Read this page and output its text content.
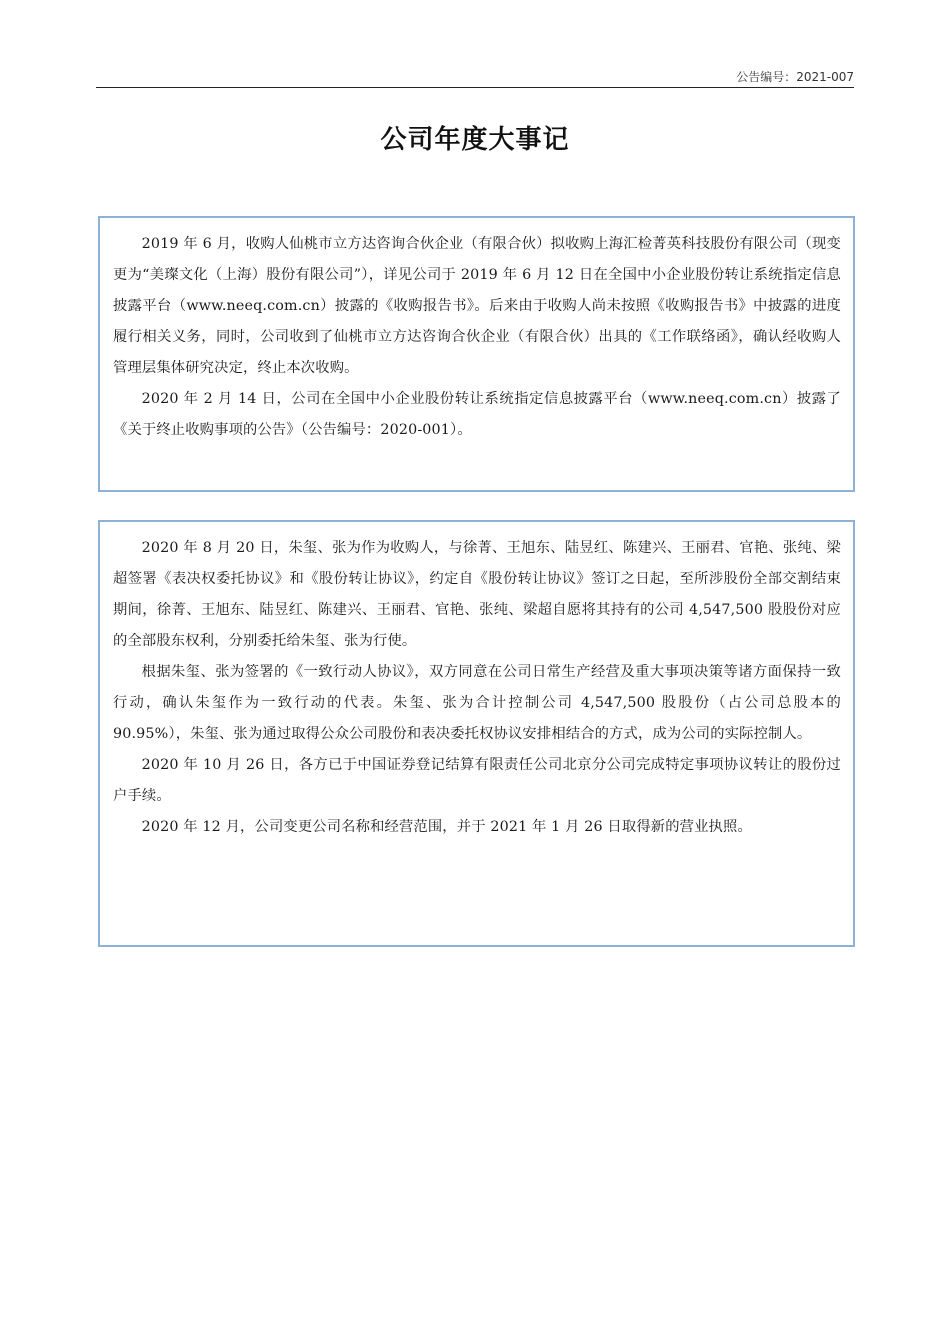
公告编号：2021-007
公司年度大事记

2019 年 6 月，收购人仙桃市立方达咨询合伙企业（有限合伙）拟收购上海汇检菁英科技股份有限公司（现变更为“美璨文化（上海）股份有限公司”），详见公司于 2019 年 6 月 12 日在全国中小企业股份转让系统指定信息披露平台（www.neeq.com.cn）披露的《收购报告书》。后来由于收购人尚未按照《收购报告书》中披露的进度履行相关义务，同时，公司收到了仙桃市立方达咨询合伙企业（有限合伙）出具的《工作联络函》，确认经收购人管理层集体研究决定，终止本次收购。

2020 年 2 月 14 日，公司在全国中小企业股份转让系统指定信息披露平台（www.neeq.com.cn）披露了《关于终止收购事项的公告》（公告编号：2020-001）。

2020 年 8 月 20 日，朱玺、张为作为收购人，与徐菁、王旭东、陆昱红、陈建兴、王丽君、官艳、张纯、梁超签署《表决权委托协议》和《股份转让协议》，约定自《股份转让协议》签订之日起，至所涉股份全部交割结束期间，徐菁、王旭东、陆昱红、陈建兴、王丽君、官艳、张纯、梁超自愿将其持有的公司 4,547,500 股股份对应的全部股东权利，分别委托给朱玺、张为行使。

根据朱玺、张为签署的《一致行动人协议》，双方同意在公司日常生产经营及重大事项决策等诸方面保持一致行动，确认朱玺作为一致行动的代表。朱玺、张为合计控制公司 4,547,500 股股份（占公司总股本的 90.95%），朱玺、张为通过取得公众公司股份和表决委托权协议安排相结合的方式，成为公司的实际控制人。

2020 年 10 月 26 日，各方已于中国证券登记结算有限责任公司北京分公司完成特定事项协议转让的股份过户手续。

2020 年 12 月，公司变更公司名称和经营范围，并于 2021 年 1 月 26 日取得新的营业执照。
